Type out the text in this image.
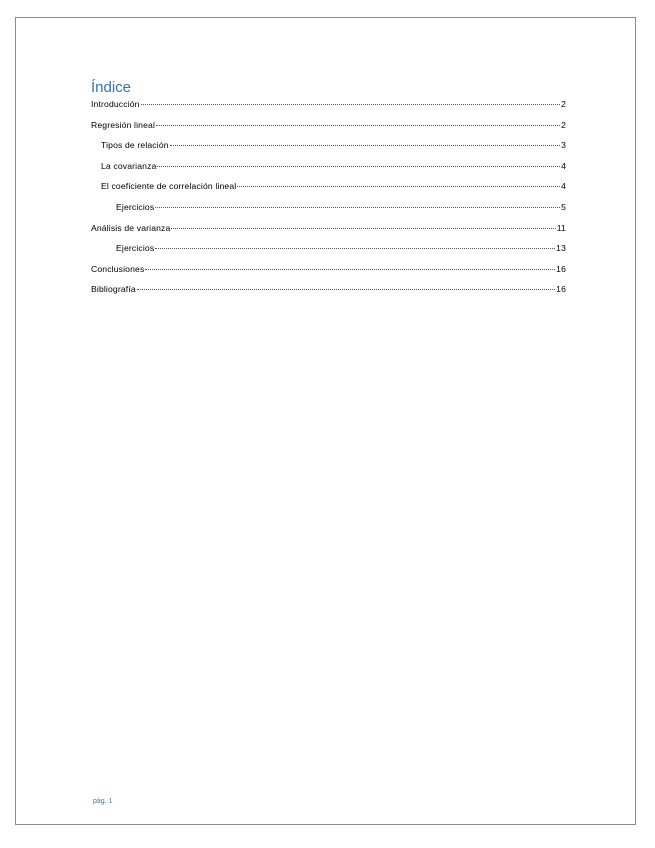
Índice
Introducción	2
Regresión lineal	2
Tipos de relación	3
La covarianza	4
El coeficiente de correlación lineal	4
Ejercicios	5
Análisis de varianza	11
Ejercicios	13
Conclusiones	16
Bibliografía	16
pág. 1
